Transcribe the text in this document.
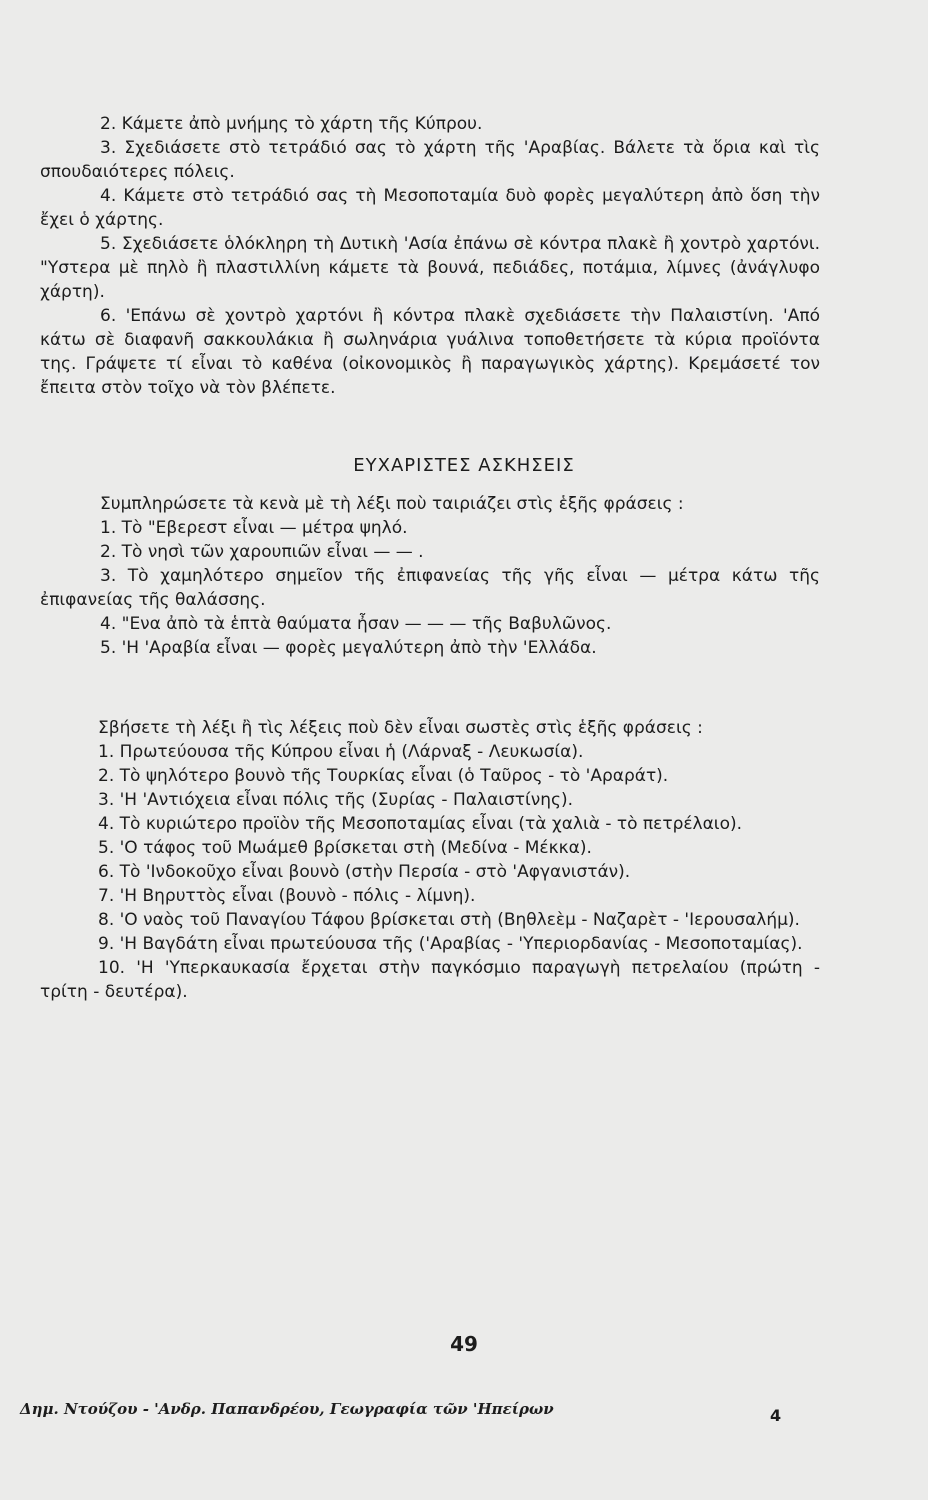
2. Κάμετε ἀπὸ μνήμης τὸ χάρτη τῆς Κύπρου.

3. Σχεδιάσετε στὸ τετράδιό σας τὸ χάρτη τῆς 'Αραβίας. Βάλετε τὰ ὅρια καὶ τὶς σπουδαιότερες πόλεις.

4. Κάμετε στὸ τετράδιό σας τὴ Μεσοποταμία δυὸ φορὲς μεγαλύτερη ἀπὸ ὅση τὴν ἔχει ὁ χάρτης.

5. Σχεδιάσετε ὁλόκληρη τὴ Δυτικὴ 'Ασία ἐπάνω σὲ κόντρα πλακὲ ἢ χοντρὸ χαρτόνι. "Υστερα μὲ πηλὸ ἢ πλαστιλλίνη κάμετε τὰ βουνά, πεδιάδες, ποτάμια, λίμνες (ἀνάγλυφο χάρτη).

6. 'Επάνω σὲ χοντρὸ χαρτόνι ἢ κόντρα πλακὲ σχεδιάσετε τὴν Παλαιστίνη. 'Από κάτω σὲ διαφανῆ σακκουλάκια ἢ σωληνάρια γυάλινα τοποθετήσετε τὰ κύρια προϊόντα της. Γράψετε τί εἶναι τὸ καθένα (οἰκονομικὸς ἢ παραγωγικὸς χάρτης). Κρεμάσετέ τον ἔπειτα στὸν τοῖχο νὰ τὸν βλέπετε.

ΕΥΧΑΡΙΣΤΕΣ ΑΣΚΗΣΕΙΣ

Συμπληρώσετε τὰ κενὰ μὲ τὴ λέξι ποὺ ταιριάζει στὶς ἑξῆς φράσεις :

1. Τὸ "Εβερεστ εἶναι — μέτρα ψηλό.

2. Τὸ νησὶ τῶν χαρουπιῶν εἶναι — — .

3. Τὸ χαμηλότερο σημεῖον τῆς ἐπιφανείας τῆς γῆς εἶναι — μέτρα κάτω τῆς ἐπιφανείας τῆς θαλάσσης.

4. "Ενα ἀπὸ τὰ ἑπτὰ θαύματα ἦσαν — — — τῆς Βαβυλῶνος.

5. 'Η 'Αραβία εἶναι — φορὲς μεγαλύτερη ἀπὸ τὴν 'Ελλάδα.

Σβήσετε τὴ λέξι ἢ τὶς λέξεις ποὺ δὲν εἶναι σωστὲς στὶς ἑξῆς φράσεις :

1. Πρωτεύουσα τῆς Κύπρου εἶναι ἡ (Λάρναξ - Λευκωσία).

2. Τὸ ψηλότερο βουνὸ τῆς Τουρκίας εἶναι (ὁ Ταῦρος - τὸ 'Αραράτ).

3. 'Η 'Αντιόχεια εἶναι πόλις τῆς (Συρίας - Παλαιστίνης).

4. Τὸ κυριώτερο προϊὸν τῆς Μεσοποταμίας εἶναι (τὰ χαλιὰ - τὸ πετρέλαιο).

5. 'Ο τάφος τοῦ Μωάμεθ βρίσκεται στὴ (Μεδίνα - Μέκκα).

6. Τὸ 'Ινδοκοῦχο εἶναι βουνὸ (στὴν Περσία - στὸ 'Αφγανιστάν).

7. 'Η Βηρυττὸς εἶναι (βουνὸ - πόλις - λίμνη).

8. 'Ο ναὸς τοῦ Παναγίου Τάφου βρίσκεται στὴ (Βηθλεὲμ - Ναζαρὲτ - 'Ιερουσαλήμ).

9. 'Η Βαγδάτη εἶναι πρωτεύουσα τῆς ('Αραβίας - 'Υπεριορδανίας - Μεσοποταμίας).

10. 'Η 'Υπερκαυκασία ἔρχεται στὴν παγκόσμιο παραγωγὴ πετρελαίου (πρώτη - τρίτη - δευτέρα).

49
Δημ. Ντούζου - 'Ανδρ. Παπανδρέου, Γεωγραφία τῶν 'Ηπείρων	4
